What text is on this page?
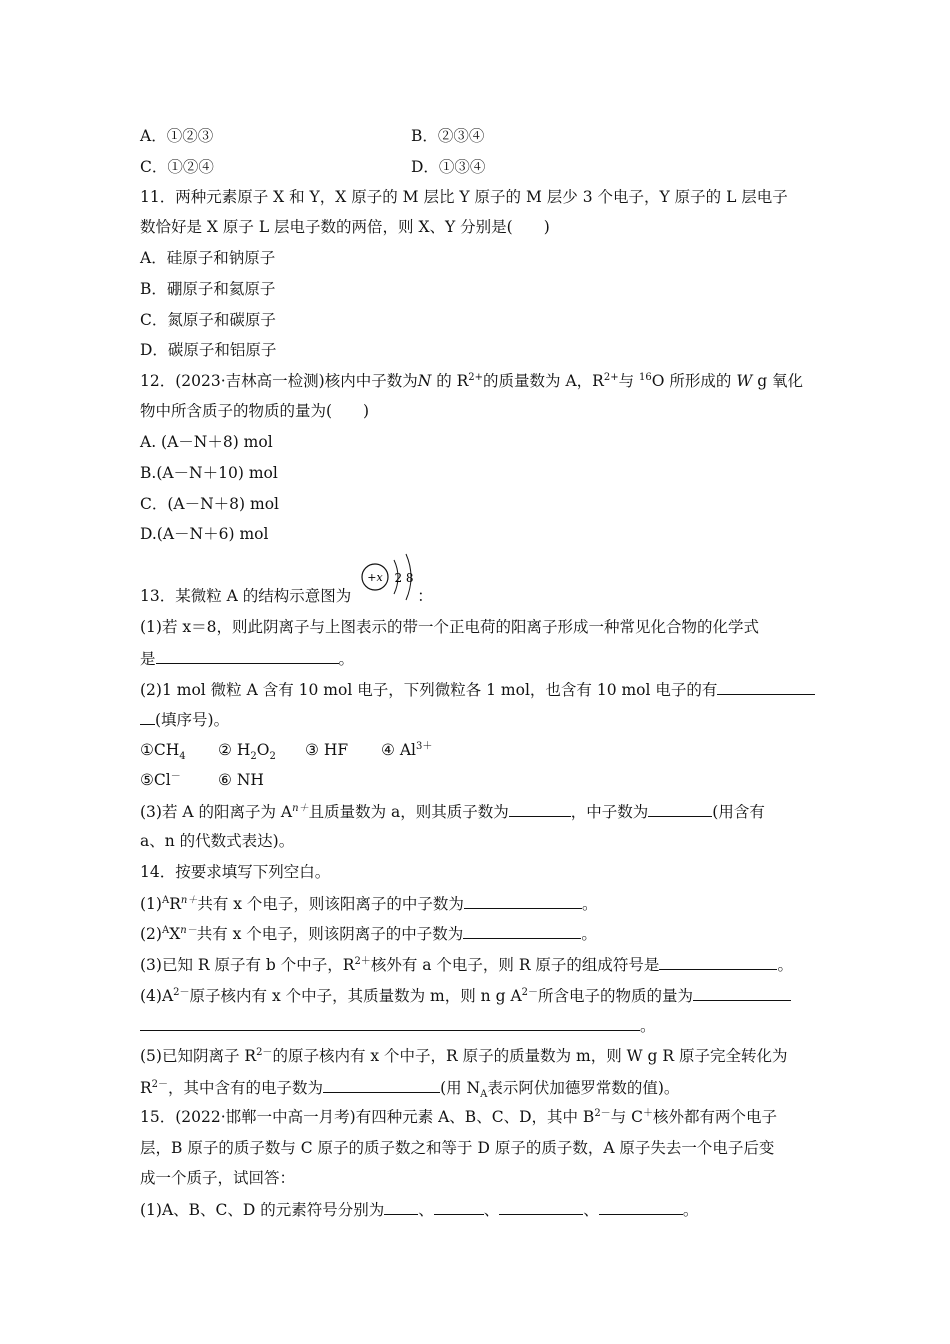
A．①②③	B．②③④
C．①②④	D．①③④
11．两种元素原子 X 和 Y，X 原子的 M 层比 Y 原子的 M 层少 3 个电子，Y 原子的 L 层电子
数恰好是 X 原子 L 层电子数的两倍，则 X、Y 分别是(　　)
A．硅原子和钠原子
B．硼原子和氦原子
C．氮原子和碳原子
D．碳原子和铝原子
12．(2023·吉林高一检测)核内中子数为N 的 $R^{2+}$的质量数为 A，$R^{2+}$与 $^{16}$O 所形成的 W g 氧化
物中所含质子的物质的量为(　　)
A. (A－N＋8) mol
B.(A－N＋10) mol
C．(A－N＋8) mol
D.(A－N＋6) mol
13．某微粒 A 的结构示意图为	：
+x 2 8
(1)若 x＝8，则此阴离子与上图表示的带一个正电荷的阳离子形成一种常见化合物的化学式
是	。
(2)1 mol 微粒 A 含有 10 mol 电子，下列微粒各 1 mol，也含有 10 mol 电子的有
(填序号)。
$①CH_4$ ② $H_2O_2$ ③ HF ④ $Al^{3+}$
⑤Cl－ ⑥ NH
(3)若 A 的阳离子为 $A^{n+}$且质量数为 a，则其质子数为	，中子数为	(用含有
a、n 的代数式表达)。
14．按要求填写下列空白。
$(1)^AR^{n+}$共有 x 个电子，则该阳离子的中子数为	。
$(2)^AX^{n-}$共有 x 个电子，则该阴离子的中子数为	。
(3)已知 R 原子有 b 个中子，$R^{2+}$核外有 a 个电子，则 R 原子的组成符号是	。
$(4)A^{2-}$原子核内有 x 个中子，其质量数为 m，则 n g $A^{2-}$所含电子的物质的量为
。
(5)已知阴离子 $R^{2-}$的原子核内有 x 个中子，R 原子的质量数为 m，则 W g R 原子完全转化为
$R^{2-}$，其中含有的电子数为	(用 $N_A$表示阿伏加德罗常数的值)。
15．(2022·邯郸一中高一月考)有四种元素 A、B、C、D，其中 $B^{2-}$与 C＋核外都有两个电子
层，B 原子的质子数与 C 原子的质子数之和等于 D 原子的质子数，A 原子失去一个电子后变
成一个质子，试回答：
(1)A、B、C、D 的元素符号分别为 、	、	、	。
